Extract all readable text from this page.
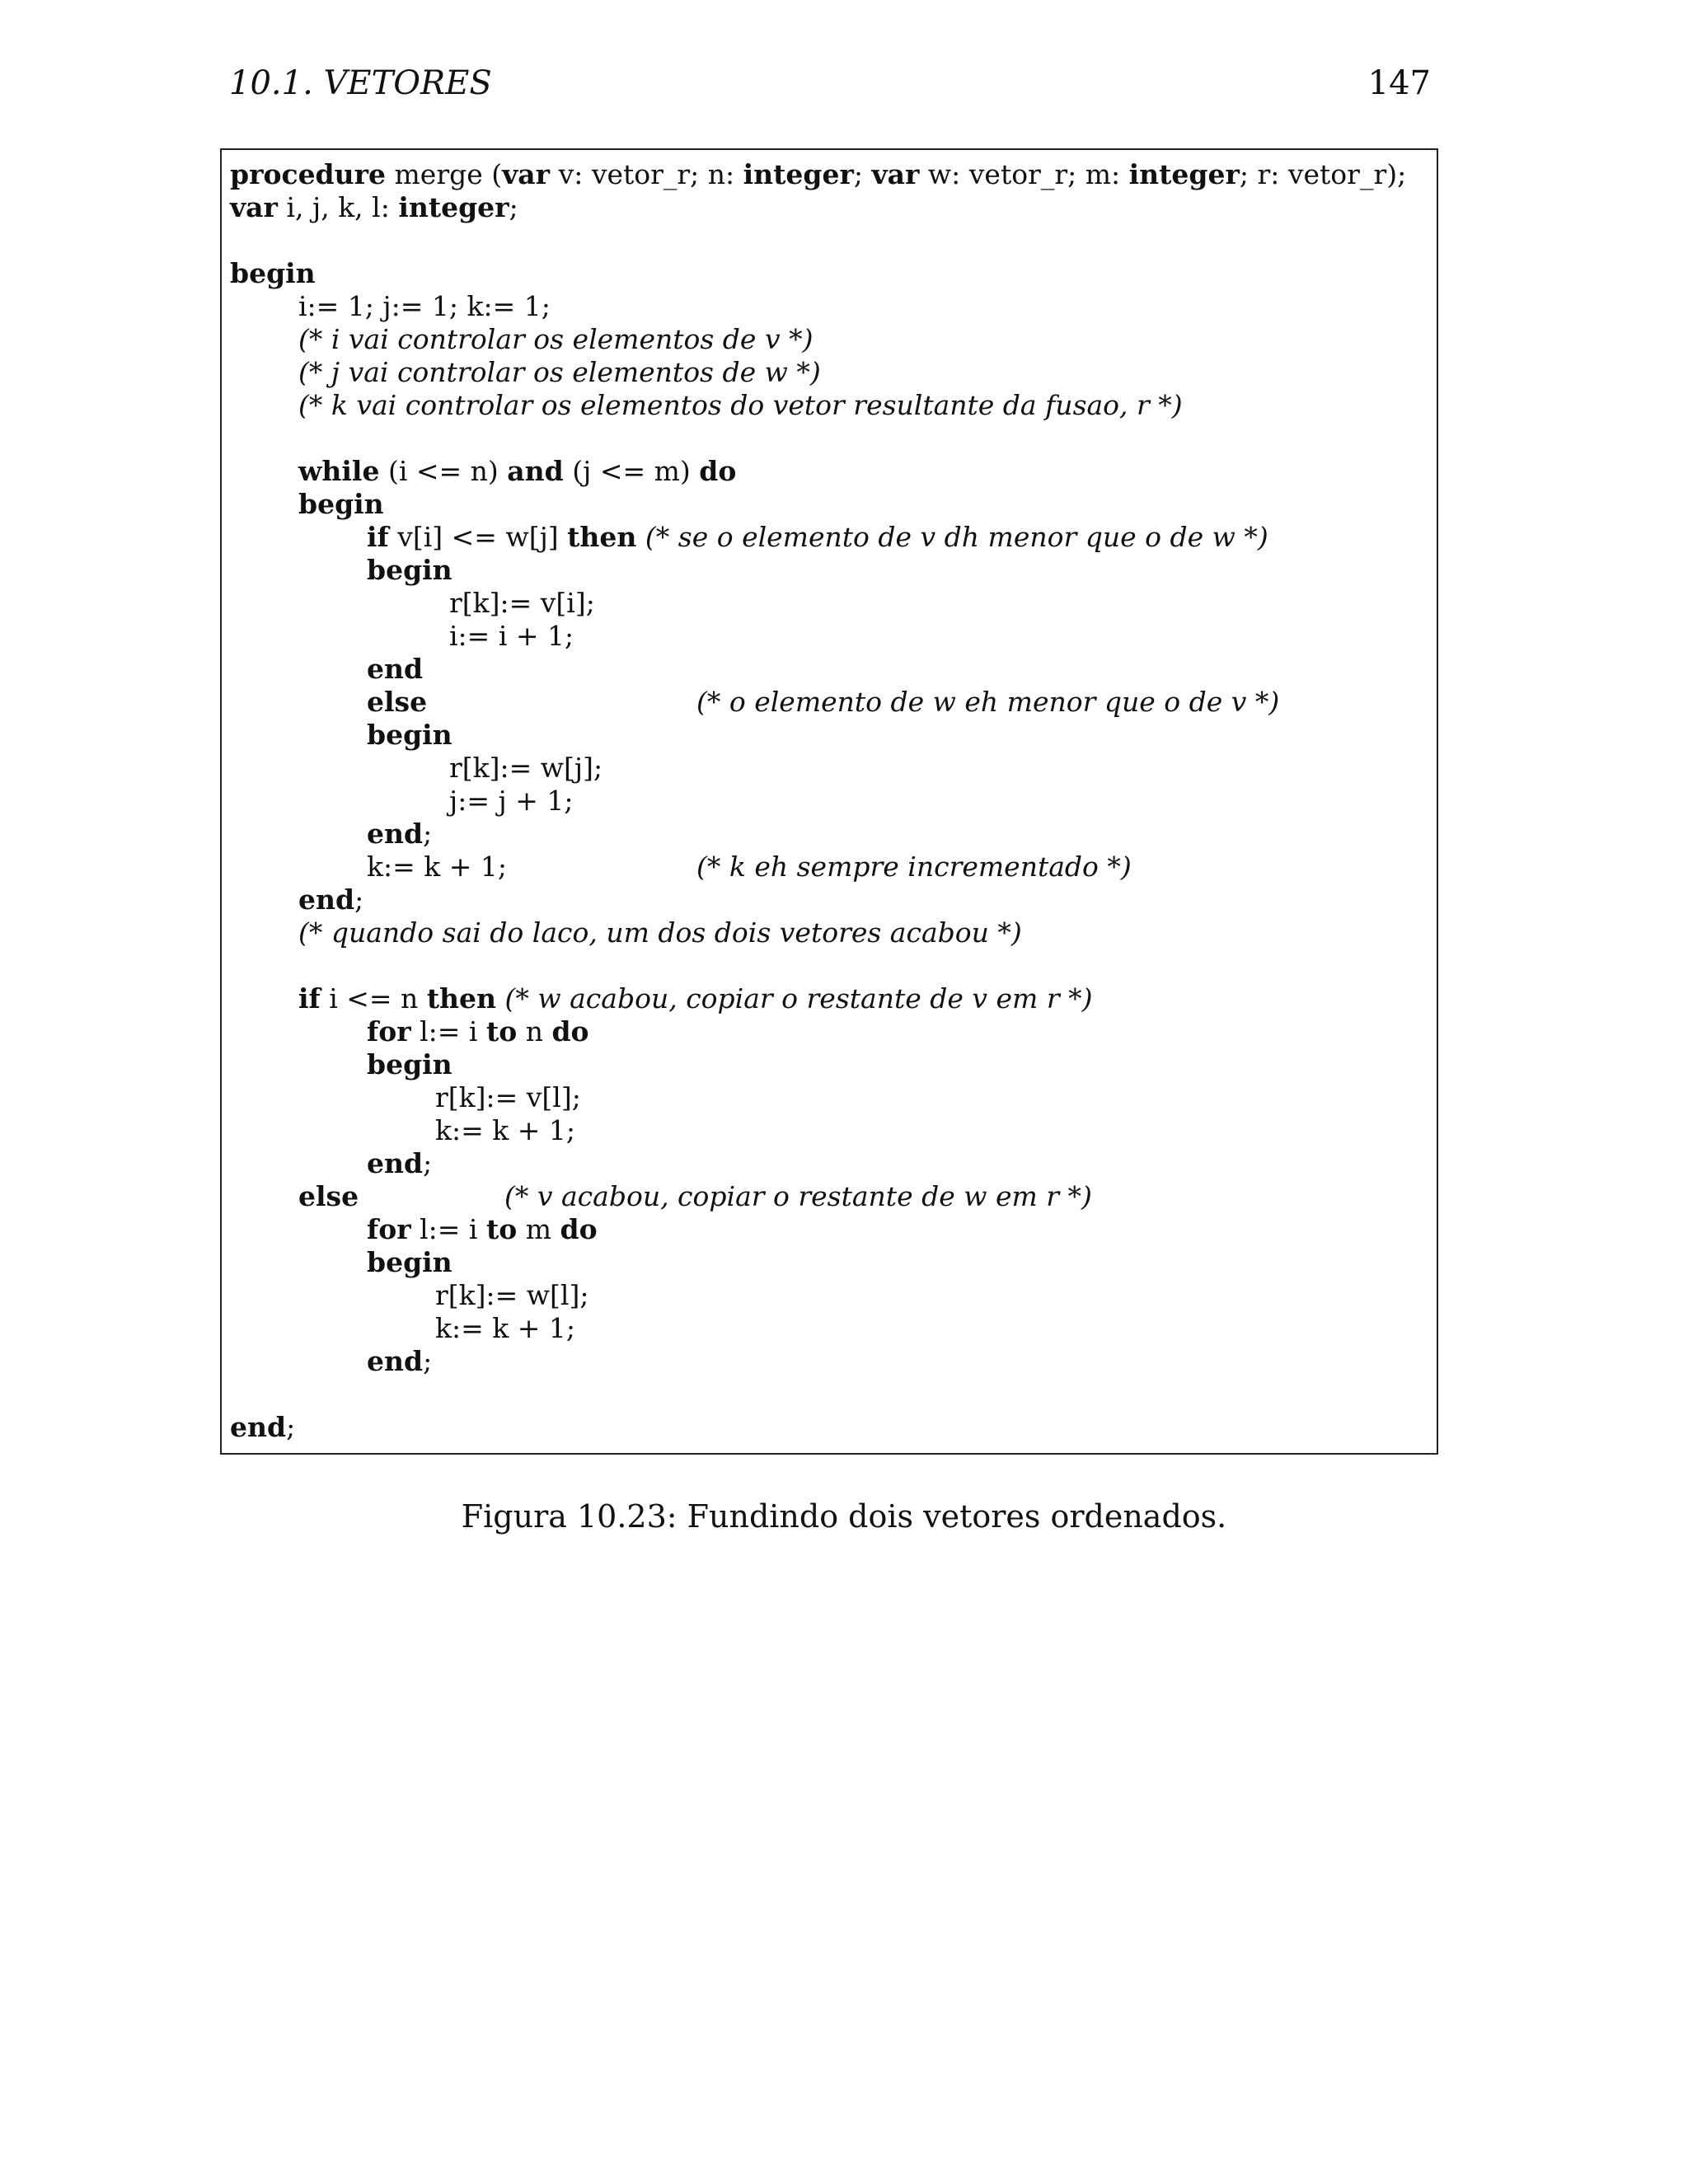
10.1. VETORES	147
procedure merge (var v: vetor_r; n: integer; var w: vetor_r; m: integer; r: vetor_r);
var i, j, k, l: integer;
begin
i:= 1; j:= 1; k:= 1;
(* i vai controlar os elementos de v *)
(* j vai controlar os elementos de w *)
(* k vai controlar os elementos do vetor resultante da fusao, r *)
while (i <= n) and (j <= m) do
begin
if v[i] <= w[j] then (* se o elemento de v dh menor que o de w *)
begin
r[k]:= v[i];
i:= i + 1;
end
else	(* o elemento de w eh menor que o de v *)
begin
r[k]:= w[j];
j:= j + 1;
end;
k:= k + 1;	(* k eh sempre incrementado *)
end;
(* quando sai do laco, um dos dois vetores acabou *)
if i <= n then (* w acabou, copiar o restante de v em r *)
for l:= i to n do
begin
r[k]:= v[l];
k:= k + 1;
end;
else	(* v acabou, copiar o restante de w em r *)
for l:= i to m do
begin
r[k]:= w[l];
k:= k + 1;
end;
end;
Figura 10.23: Fundindo dois vetores ordenados.
